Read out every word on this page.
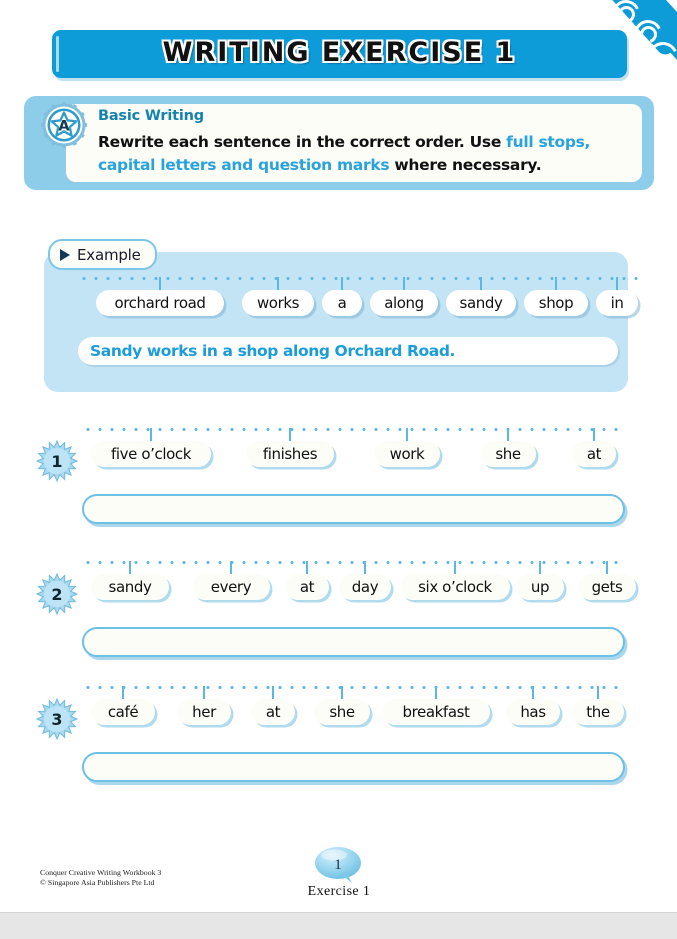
WRITING EXERCISE 1
A
Basic Writing
Rewrite each sentence in the correct order. Use full stops, capital letters and question marks where necessary.
Example
orchard road	works	a	along sandy shop in
Sandy works in a shop along Orchard Road.
1	five o’clock	finishes	work	she	at
2	sandy	every	at	day	six o’clock	up	gets
3	café	her	at	she	breakfast	has	the
Conquer Creative Writing Workbook 3
© Singapore Asia Publishers Pte Ltd
1
Exercise 1
